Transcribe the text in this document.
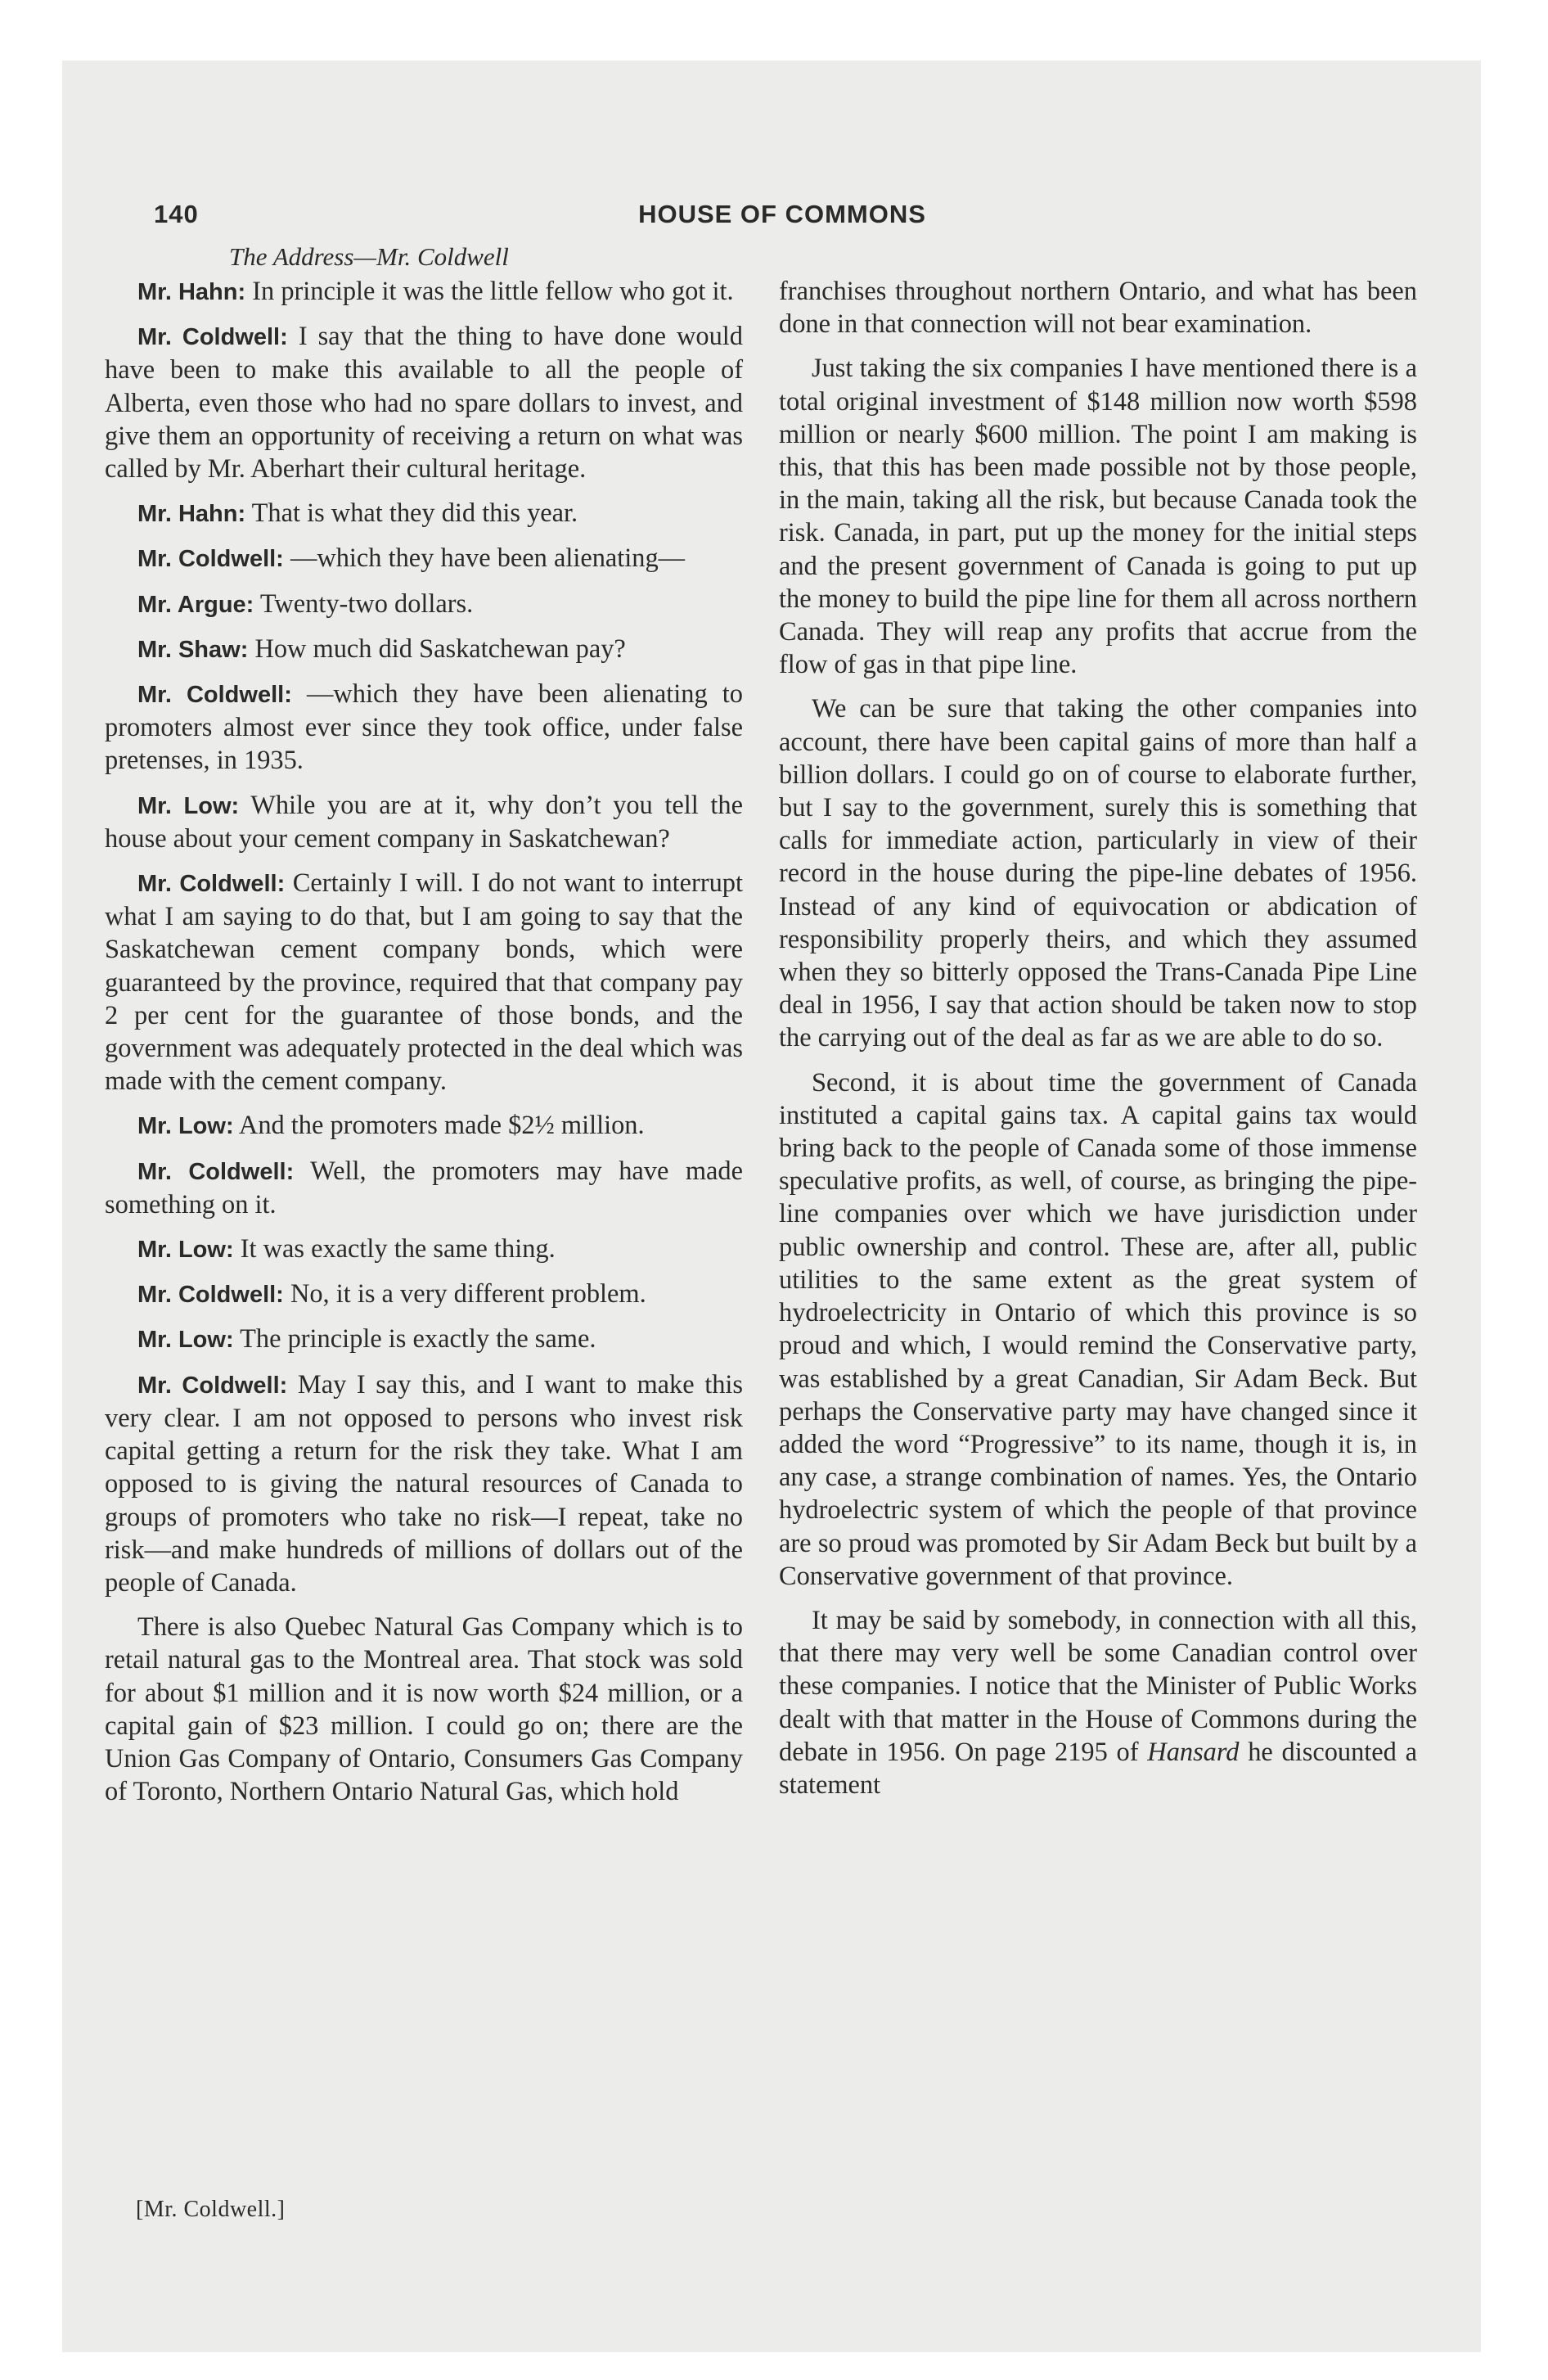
140	HOUSE OF COMMONS
The Address—Mr. Coldwell

Mr. Hahn: In principle it was the little fellow who got it.

Mr. Coldwell: I say that the thing to have done would have been to make this available to all the people of Alberta, even those who had no spare dollars to invest, and give them an opportunity of receiving a return on what was called by Mr. Aberhart their cultural heritage.

Mr. Hahn: That is what they did this year.

Mr. Coldwell: —which they have been alienating—

Mr. Argue: Twenty-two dollars.

Mr. Shaw: How much did Saskatchewan pay?

Mr. Coldwell: —which they have been alienating to promoters almost ever since they took office, under false pretenses, in 1935.

Mr. Low: While you are at it, why don’t you tell the house about your cement company in Saskatchewan?

Mr. Coldwell: Certainly I will. I do not want to interrupt what I am saying to do that, but I am going to say that the Saskatchewan cement company bonds, which were guaranteed by the province, required that that company pay 2 per cent for the guarantee of those bonds, and the government was adequately protected in the deal which was made with the cement company.

Mr. Low: And the promoters made $2½ million.

Mr. Coldwell: Well, the promoters may have made something on it.

Mr. Low: It was exactly the same thing.

Mr. Coldwell: No, it is a very different problem.

Mr. Low: The principle is exactly the same.

Mr. Coldwell: May I say this, and I want to make this very clear. I am not opposed to persons who invest risk capital getting a return for the risk they take. What I am opposed to is giving the natural resources of Canada to groups of promoters who take no risk—I repeat, take no risk—and make hundreds of millions of dollars out of the people of Canada.

There is also Quebec Natural Gas Company which is to retail natural gas to the Montreal area. That stock was sold for about $1 million and it is now worth $24 million, or a capital gain of $23 million. I could go on; there are the Union Gas Company of Ontario, Consumers Gas Company of Toronto, Northern Ontario Natural Gas, which hold

franchises throughout northern Ontario, and what has been done in that connection will not bear examination.

Just taking the six companies I have mentioned there is a total original investment of $148 million now worth $598 million or nearly $600 million. The point I am making is this, that this has been made possible not by those people, in the main, taking all the risk, but because Canada took the risk. Canada, in part, put up the money for the initial steps and the present government of Canada is going to put up the money to build the pipe line for them all across northern Canada. They will reap any profits that accrue from the flow of gas in that pipe line.

We can be sure that taking the other companies into account, there have been capital gains of more than half a billion dollars. I could go on of course to elaborate further, but I say to the government, surely this is something that calls for immediate action, particularly in view of their record in the house during the pipe-line debates of 1956. Instead of any kind of equivocation or abdication of responsibility properly theirs, and which they assumed when they so bitterly opposed the Trans-Canada Pipe Line deal in 1956, I say that action should be taken now to stop the carrying out of the deal as far as we are able to do so.

Second, it is about time the government of Canada instituted a capital gains tax. A capital gains tax would bring back to the people of Canada some of those immense speculative profits, as well, of course, as bringing the pipe-line companies over which we have jurisdiction under public ownership and control. These are, after all, public utilities to the same extent as the great system of hydroelectricity in Ontario of which this province is so proud and which, I would remind the Conservative party, was established by a great Canadian, Sir Adam Beck. But perhaps the Conservative party may have changed since it added the word “Progressive” to its name, though it is, in any case, a strange combination of names. Yes, the Ontario hydroelectric system of which the people of that province are so proud was promoted by Sir Adam Beck but built by a Conservative government of that province.

It may be said by somebody, in connection with all this, that there may very well be some Canadian control over these companies. I notice that the Minister of Public Works dealt with that matter in the House of Commons during the debate in 1956. On page 2195 of Hansard he discounted a statement

[Mr. Coldwell.]
